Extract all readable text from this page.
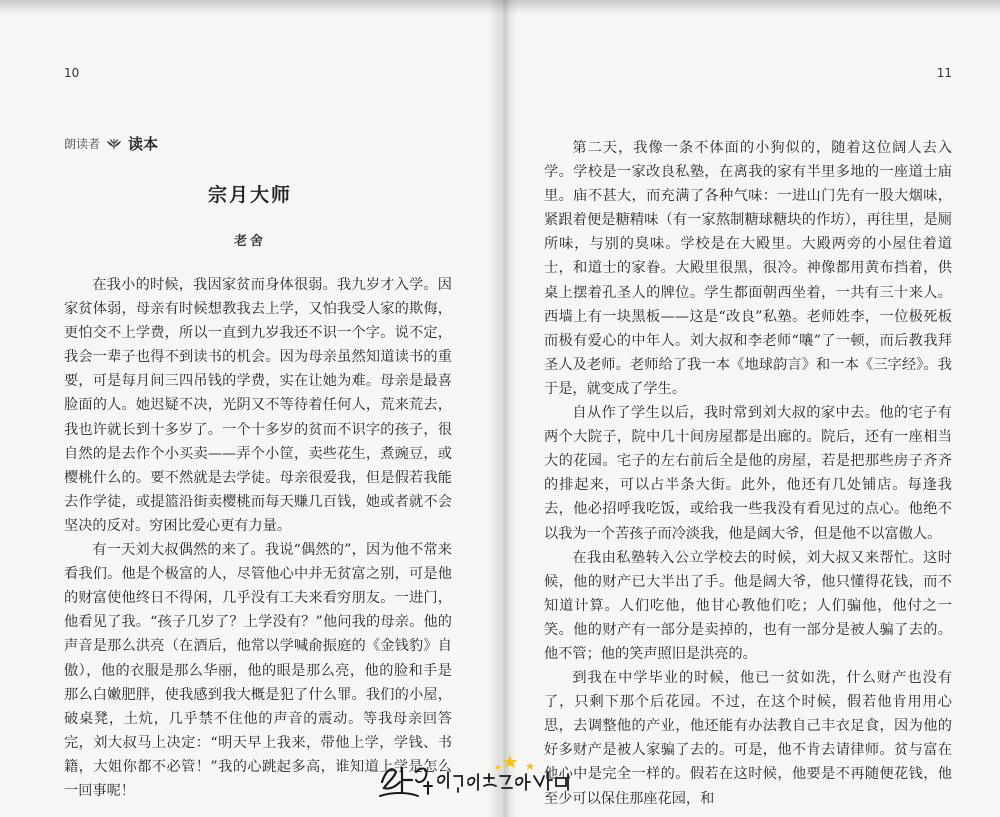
10
朗读者 读本
宗月大师
老舍

在我小的时候，我因家贫而身体很弱。我九岁才入学。因家贫体弱，母亲有时候想教我去上学，又怕我受人家的欺侮，更怕交不上学费，所以一直到九岁我还不识一个字。说不定，我会一辈子也得不到读书的机会。因为母亲虽然知道读书的重要，可是每月间三四吊钱的学费，实在让她为难。母亲是最喜脸面的人。她迟疑不决，光阴又不等待着任何人，荒来荒去，我也许就长到十多岁了。一个十多岁的贫而不识字的孩子，很自然的是去作个小买卖——弄个小筐，卖些花生，煮豌豆，或樱桃什么的。要不然就是去学徒。母亲很爱我，但是假若我能去作学徒，或提篮沿街卖樱桃而每天赚几百钱，她或者就不会坚决的反对。穷困比爱心更有力量。

有一天刘大叔偶然的来了。我说“偶然的”，因为他不常来看我们。他是个极富的人，尽管他心中并无贫富之别，可是他的财富使他终日不得闲，几乎没有工夫来看穷朋友。一进门，他看见了我。“孩子几岁了？上学没有？”他问我的母亲。他的声音是那么洪亮（在酒后，他常以学喊俞振庭的《金钱豹》自傲），他的衣服是那么华丽，他的眼是那么亮，他的脸和手是那么白嫩肥胖，使我感到我大概是犯了什么罪。我们的小屋，破桌凳，土炕，几乎禁不住他的声音的震动。等我母亲回答完，刘大叔马上决定：“明天早上我来，带他上学，学钱、书籍，大姐你都不必管！”我的心跳起多高，谁知道上学是怎么一回事呢！

11

第二天，我像一条不体面的小狗似的，随着这位阔人去入学。学校是一家改良私塾，在离我的家有半里多地的一座道士庙里。庙不甚大，而充满了各种气味：一进山门先有一股大烟味，紧跟着便是糖精味（有一家熬制糖球糖块的作坊），再往里，是厕所味，与别的臭味。学校是在大殿里。大殿两旁的小屋住着道士，和道士的家眷。大殿里很黑，很冷。神像都用黄布挡着，供桌上摆着孔圣人的牌位。学生都面朝西坐着，一共有三十来人。西墙上有一块黑板——这是“改良”私塾。老师姓李，一位极死板而极有爱心的中年人。刘大叔和李老师“嚷”了一顿，而后教我拜圣人及老师。老师给了我一本《地球韵言》和一本《三字经》。我于是，就变成了学生。

自从作了学生以后，我时常到刘大叔的家中去。他的宅子有两个大院子，院中几十间房屋都是出廊的。院后，还有一座相当大的花园。宅子的左右前后全是他的房屋，若是把那些房子齐齐的排起来，可以占半条大街。此外，他还有几处铺店。每逢我去，他必招呼我吃饭，或给我一些我没有看见过的点心。他绝不以我为一个苦孩子而冷淡我，他是阔大爷，但是他不以富傲人。

在我由私塾转入公立学校去的时候，刘大叔又来帮忙。这时候，他的财产已大半出了手。他是阔大爷，他只懂得花钱，而不知道计算。人们吃他，他甘心教他们吃；人们骗他，他付之一笑。他的财产有一部分是卖掉的，也有一部分是被人骗了去的。他不管；他的笑声照旧是洪亮的。

到我在中学毕业的时候，他已一贫如洗，什么财产也没有了，只剩下那个后花园。不过，在这个时候，假若他肯用用心思，去调整他的产业，他还能有办法教自己丰衣足食，因为他的好多财产是被人家骗了去的。可是，他不肯去请律师。贫与富在他心中是完全一样的。假若在这时候，他要是不再随便花钱，他至少可以保住那座花园，和
